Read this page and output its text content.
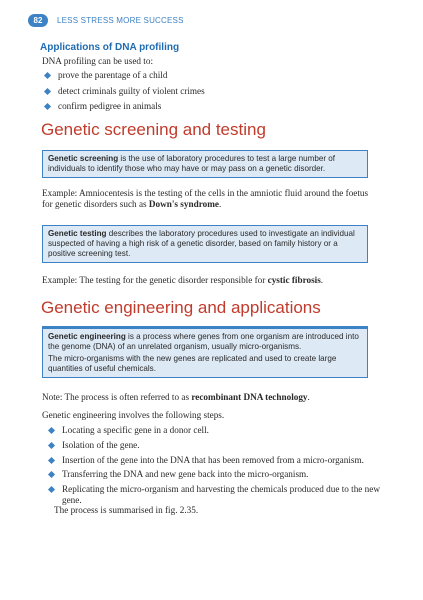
82	LESS STRESS MORE SUCCESS
Applications of DNA profiling
DNA profiling can be used to:
prove the parentage of a child
detect criminals guilty of violent crimes
confirm pedigree in animals
Genetic screening and testing

Genetic screening is the use of laboratory procedures to test a large number of individuals to identify those who may have or may pass on a genetic disorder.

Example: Amniocentesis is the testing of the cells in the amniotic fluid around the foetus for genetic disorders such as Down's syndrome.

Genetic testing describes the laboratory procedures used to investigate an individual suspected of having a high risk of a genetic disorder, based on family history or a positive screening test.

Example: The testing for the genetic disorder responsible for cystic fibrosis.
Genetic engineering and applications

Genetic engineering is a process where genes from one organism are introduced into the genome (DNA) of an unrelated organism, usually micro-organisms.

The micro-organisms with the new genes are replicated and used to create large quantities of useful chemicals.

Note: The process is often referred to as recombinant DNA technology.
Genetic engineering involves the following steps.
Locating a specific gene in a donor cell.
Isolation of the gene.
Insertion of the gene into the DNA that has been removed from a micro-organism.
Transferring the DNA and new gene back into the micro-organism.
Replicating the micro-organism and harvesting the chemicals produced due to the new gene.
The process is summarised in fig. 2.35.
